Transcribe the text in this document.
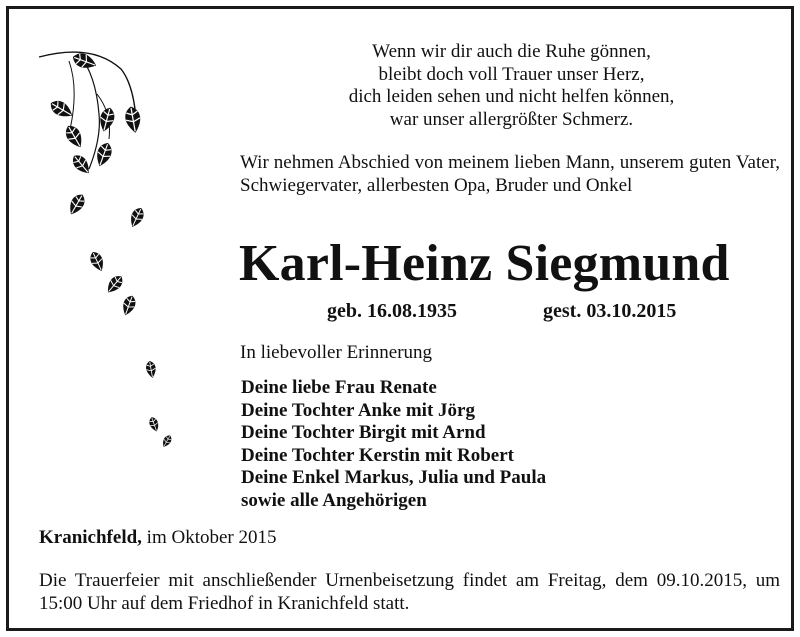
Wenn wir dir auch die Ruhe gönnen,
bleibt doch voll Trauer unser Herz,
dich leiden sehen und nicht helfen können,
war unser allergrößter Schmerz.
Wir nehmen Abschied von meinem lieben Mann, unserem guten Vater, Schwiegervater, allerbesten Opa, Bruder und Onkel
Karl-Heinz Siegmund
geb. 16.08.1935	gest. 03.10.2015
In liebevoller Erinnerung
Deine liebe Frau Renate
Deine Tochter Anke mit Jörg
Deine Tochter Birgit mit Arnd
Deine Tochter Kerstin mit Robert
Deine Enkel Markus, Julia und Paula
sowie alle Angehörigen
Kranichfeld, im Oktober 2015
Die Trauerfeier mit anschließender Urnenbeisetzung findet am Freitag, dem 09.10.2015, um 15:00 Uhr auf dem Friedhof in Kranichfeld statt.
